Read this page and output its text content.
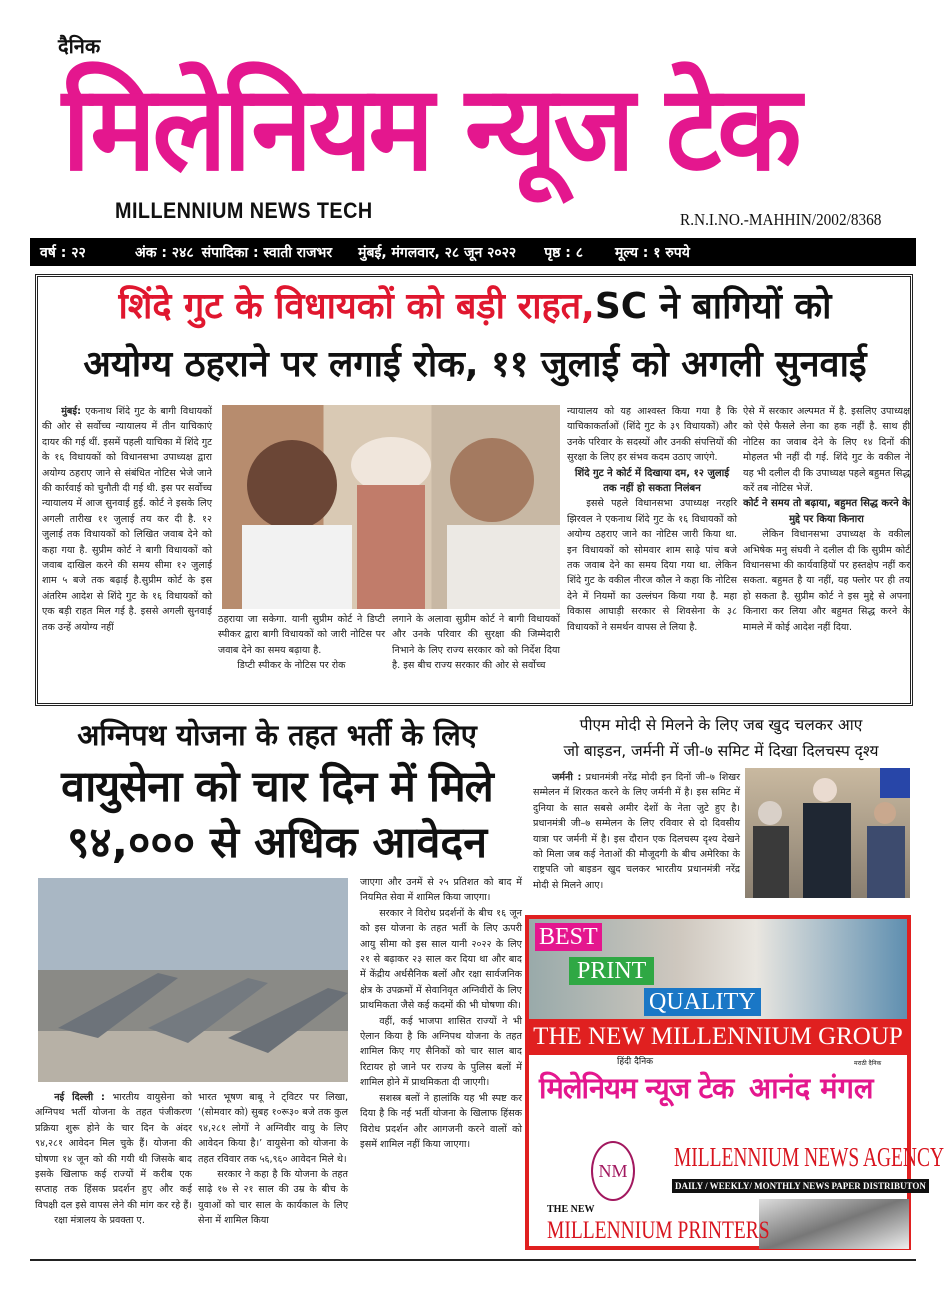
दैनिक
मिलेनियम न्यूज टेक
MILLENNIUM NEWS TECH	R.N.I.NO.-MAHHIN/2002/8368
वर्ष : २२	अंक : २४८ संपादिका : स्वाती राजभर मुंबई, मंगलवार, २८ जून २०२२ पृष्ठ : ८ मूल्य : १ रुपये
शिंदे गुट के विधायकों को बड़ी राहत,SC ने बागियों को
अयोग्य ठहराने पर लगाई रोक, ११ जुलाई को अगली सुनवाई

मुंबई: एकनाथ शिंदे गुट के बागी विधायकों की ओर से सर्वोच्च न्यायालय में तीन याचिकाएं दायर की गई थीं. इसमें पहली याचिका में शिंदे गुट के १६ विधायकों को विधानसभा उपाध्यक्ष द्वारा अयोग्य ठहराए जाने से संबंधित नोटिस भेजे जाने की कार्रवाई को चुनौती दी गई थी. इस पर सर्वोच्च न्यायालय में आज सुनवाई हुई. कोर्ट ने इसके लिए अगली तारीख ११ जुलाई तय कर दी है. १२ जुलाई तक विधायकों को लिखित जवाब देने को कहा गया है. सुप्रीम कोर्ट ने बागी विधायकों को जवाब दाखिल करने की समय सीमा १२ जुलाई शाम ५ बजे तक बढ़ाई है.सुप्रीम कोर्ट के इस अंतरिम आदेश से शिंदे गुट के १६ विधायकों को एक बड़ी राहत मिल गई है. इससे अगली सुनवाई तक उन्हें अयोग्य नहीं

ठहराया जा सकेगा. यानी सुप्रीम कोर्ट ने डिप्टी स्पीकर द्वारा बागी विधायकों को जारी नोटिस पर जवाब देने का समय बढ़ाया है.

डिप्टी स्पीकर के नोटिस पर रोक

लगाने के अलावा सुप्रीम कोर्ट ने बागी विधायकों और उनके परिवार की सुरक्षा की जिम्मेदारी निभाने के लिए राज्य सरकार को को निर्देश दिया है. इस बीच राज्य सरकार की ओर से सर्वोच्च
न्यायालय को यह आश्वस्त किया गया है कि याचिकाकर्ताओं (शिंदे गुट के ३९ विधायकों) और उनके परिवार के सदस्यों और उनकी संपत्तियों की सुरक्षा के लिए हर संभव कदम उठाए जाएंगे.
शिंदे गुट ने कोर्ट में दिखाया दम, १२ जुलाई तक नहीं हो सकता निलंबन

इससे पहले विधानसभा उपाध्यक्ष नरहरि झिरवल ने एकनाथ शिंदे गुट के १६ विधायकों को अयोग्य ठहराए जाने का नोटिस जारी किया था. इन विधायकों को सोमवार शाम साढ़े पांच बजे तक जवाब देने का समय दिया गया था. लेकिन शिंदे गुट के वकील नीरज कौल ने कहा कि नोटिस देने में नियमों का उल्लंघन किया गया है. महा विकास आघाड़ी सरकार से शिवसेना के ३८ विधायकों ने समर्थन वापस ले लिया है.

ऐसे में सरकार अल्पमत में है. इसलिए उपाध्यक्ष को ऐसे फैसले लेना का हक नहीं है. साथ ही नोटिस का जवाब देने के लिए १४ दिनों की मोहलत भी नहीं दी गई. शिंदे गुट के वकील ने यह भी दलील दी कि उपाध्यक्ष पहले बहुमत सिद्ध करें तब नोटिस भेजें.
कोर्ट ने समय तो बढ़ाया, बहुमत सिद्ध करने के मुद्दे पर किया किनारा

लेकिन विधानसभा उपाध्यक्ष के वकील अभिषेक मनु संघवी ने दलील दी कि सुप्रीम कोर्ट विधानसभा की कार्यवाहियों पर हस्तक्षेप नहीं कर सकता. बहुमत है या नहीं, यह फ्लोर पर ही तय हो सकता है. सुप्रीम कोर्ट ने इस मुद्दे से अपना किनारा कर लिया और बहुमत सिद्ध करने के मामले में कोई आदेश नहीं दिया.

अग्निपथ योजना के तहत भर्ती के लिए
वायुसेना को चार दिन में मिले
९४,००० से अधिक आवेदन

नई दिल्ली : भारतीय वायुसेना को अग्निपथ भर्ती योजना के तहत पंजीकरण प्रक्रिया शुरू होने के चार दिन के अंदर ९४,२८१ आवेदन मिल चुके हैं। योजना की घोषणा १४ जून को की गयी थी जिसके बाद इसके खिलाफ कई राज्यों में करीब एक सप्ताह तक हिंसक प्रदर्शन हुए और कई विपक्षी दल इसे वापस लेने की मांग कर रहे हैं।

रक्षा मंत्रालय के प्रवक्ता ए.

भारत भूषण बाबू ने ट्विटर पर लिखा, ‘(सोमवार को) सुबह १०रू३० बजे तक कुल ९४,२८१ लोगों ने अग्निवीर वायु के लिए आवेदन किया है।’ वायुसेना को योजना के तहत रविवार तक ५६,९६० आवेदन मिले थे।

सरकार ने कहा है कि योजना के तहत साढ़े १७ से २१ साल की उम्र के बीच के युवाओं को चार साल के कार्यकाल के लिए सेना में शामिल किया

जाएगा और उनमें से २५ प्रतिशत को बाद में नियमित सेवा में शामिल किया जाएगा।

सरकार ने विरोध प्रदर्शनों के बीच १६ जून को इस योजना के तहत भर्ती के लिए ऊपरी आयु सीमा को इस साल यानी २०२२ के लिए २१ से बढ़ाकर २३ साल कर दिया था और बाद में केंद्रीय अर्धसैनिक बलों और रक्षा सार्वजनिक क्षेत्र के उपक्रमों में सेवानिवृत अग्निवीरों के लिए प्राथमिकता जैसे कई कदमों की भी घोषणा की।

वहीं, कई भाजपा शासित राज्यों ने भी ऐलान किया है कि अग्निपथ योजना के तहत शामिल किए गए सैनिकों को चार साल बाद रिटायर हो जाने पर राज्य के पुलिस बलों में शामिल होने में प्राथमिकता दी जाएगी।

सशस्त्र बलों ने हालांकि यह भी स्पष्ट कर दिया है कि नई भर्ती योजना के खिलाफ हिंसक विरोध प्रदर्शन और आगजनी करने वालों को इसमें शामिल नहीं किया जाएगा।

पीएम मोदी से मिलने के लिए जब खुद चलकर आए
जो बाइडन, जर्मनी में जी-७ समिट में दिखा दिलचस्प दृश्य

जर्मनी : प्रधानमंत्री नरेंद्र मोदी इन दिनों जी–७ शिखर सम्मेलन में शिरकत करने के लिए जर्मनी में है। इस समिट में दुनिया के सात सबसे अमीर देशों के नेता जुटे हुए है। प्रधानमंत्री जी–७ सम्मेलन के लिए रविवार से दो दिवसीय यात्रा पर जर्मनी में है। इस दौरान एक दिलचस्प दृश्य देखने को मिला जब कई नेताओं की मौजूदगी के बीच अमेरिका के राष्ट्रपति जो बाइडन खुद चलकर भारतीय प्रधानमंत्री नरेंद्र मोदी से मिलने आए।

BEST
PRINT
QUALITY
THE NEW MILLENNIUM GROUP
हिंदी दैनिक
मिलेनियम न्यूज टेक
मराठी दैनिक
आनंद मंगल
NM MILLENNIUM NEWS AGENCY
DAILY / WEEKLY/ MONTHLY NEWS PAPER DISTRIBUTON
THE NEW
MILLENNIUM PRINTERS
